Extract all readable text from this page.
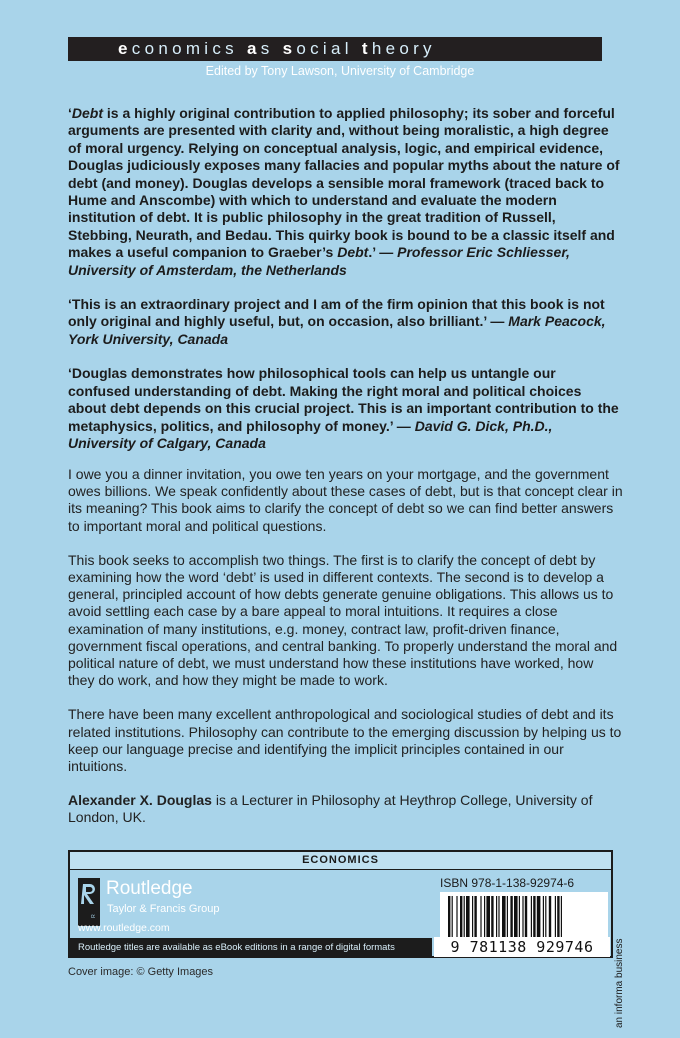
economics as social theory
Edited by Tony Lawson, University of Cambridge

‘Debt is a highly original contribution to applied philosophy; its sober and forceful arguments are presented with clarity and, without being moralistic, a high degree of moral urgency. Relying on conceptual analysis, logic, and empirical evidence, Douglas judiciously exposes many fallacies and popular myths about the nature of debt (and money). Douglas develops a sensible moral framework (traced back to Hume and Anscombe) with which to understand and evaluate the modern institution of debt. It is public philosophy in the great tradition of Russell, Stebbing, Neurath, and Bedau. This quirky book is bound to be a classic itself and makes a useful companion to Graeber’s Debt.’ — Professor Eric Schliesser, University of Amsterdam, the Netherlands

‘This is an extraordinary project and I am of the firm opinion that this book is not only original and highly useful, but, on occasion, also brilliant.’ — Mark Peacock, York University, Canada

‘Douglas demonstrates how philosophical tools can help us untangle our confused understanding of debt. Making the right moral and political choices about debt depends on this crucial project. This is an important contribution to the metaphysics, politics, and philosophy of money.’ — David G. Dick, Ph.D., University of Calgary, Canada

I owe you a dinner invitation, you owe ten years on your mortgage, and the government owes billions. We speak confidently about these cases of debt, but is that concept clear in its meaning? This book aims to clarify the concept of debt so we can find better answers to important moral and political questions.

This book seeks to accomplish two things. The first is to clarify the concept of debt by examining how the word ‘debt’ is used in different contexts. The second is to develop a general, principled account of how debts generate genuine obligations. This allows us to avoid settling each case by a bare appeal to moral intuitions. It requires a close examination of many institutions, e.g. money, contract law, profit-driven finance, government fiscal operations, and central banking. To properly understand the moral and political nature of debt, we must understand how these institutions have worked, how they do work, and how they might be made to work.

There have been many excellent anthropological and sociological studies of debt and its related institutions. Philosophy can contribute to the emerging discussion by helping us to keep our language precise and identifying the implicit principles contained in our intuitions.

Alexander X. Douglas is a Lecturer in Philosophy at Heythrop College, University of London, UK.

ECONOMICS
R
Routledge
Taylor & Francis Group
www.routledge.com
Routledge titles are available as eBook editions in a range of digital formats
ISBN 978-1-138-92974-6
9 781138 929746	an informa business
Cover image: © Getty Images
